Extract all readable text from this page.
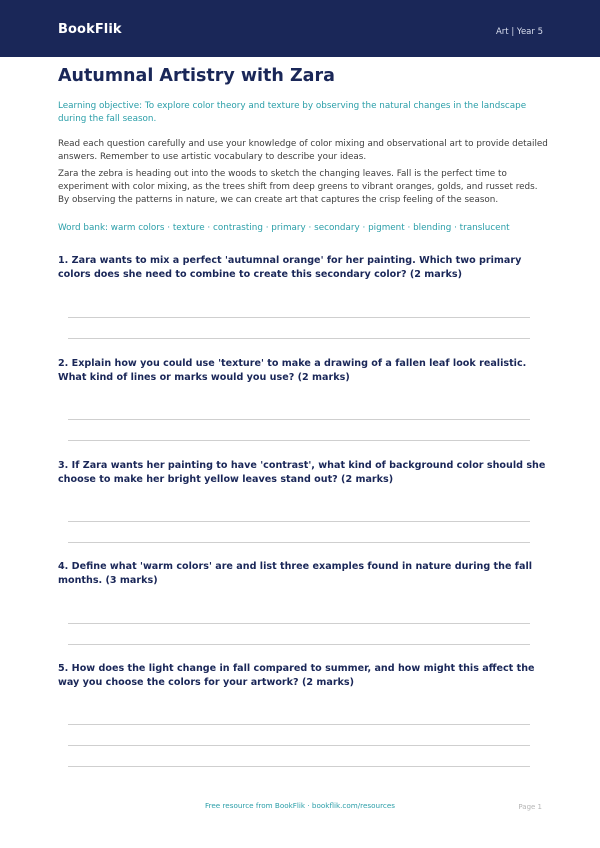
BookFlik	Art | Year 5
Autumnal Artistry with Zara
Learning objective: To explore color theory and texture by observing the natural changes in the landscape during the fall season.
Read each question carefully and use your knowledge of color mixing and observational art to provide detailed answers. Remember to use artistic vocabulary to describe your ideas.
Zara the zebra is heading out into the woods to sketch the changing leaves. Fall is the perfect time to experiment with color mixing, as the trees shift from deep greens to vibrant oranges, golds, and russet reds. By observing the patterns in nature, we can create art that captures the crisp feeling of the season.
Word bank: warm colors · texture · contrasting · primary · secondary · pigment · blending · translucent
1. Zara wants to mix a perfect 'autumnal orange' for her painting. Which two primary colors does she need to combine to create this secondary color? (2 marks)
2. Explain how you could use 'texture' to make a drawing of a fallen leaf look realistic. What kind of lines or marks would you use? (2 marks)
3. If Zara wants her painting to have 'contrast', what kind of background color should she choose to make her bright yellow leaves stand out? (2 marks)
4. Define what 'warm colors' are and list three examples found in nature during the fall months. (3 marks)
5. How does the light change in fall compared to summer, and how might this affect the way you choose the colors for your artwork? (2 marks)
Free resource from BookFlik · bookflik.com/resources	Page 1
